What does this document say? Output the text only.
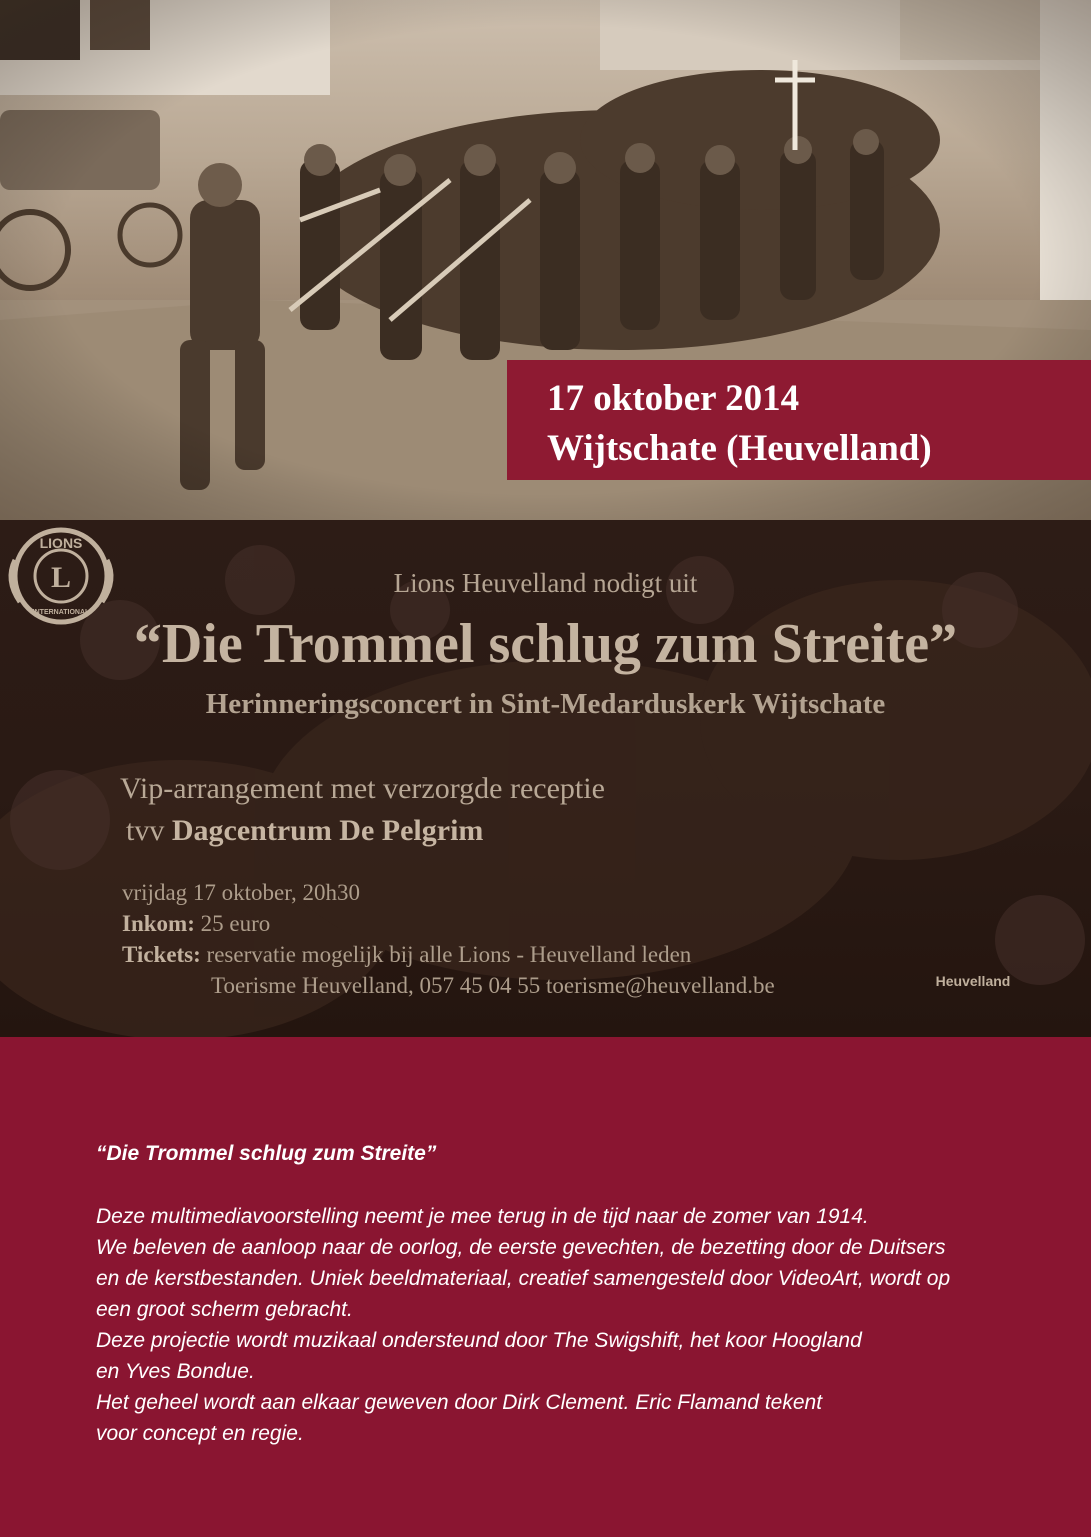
17 oktober 2014
Wijtschate (Heuvelland)
Lions Heuvelland nodigt uit
“Die Trommel schlug zum Streite”
Herinneringsconcert in Sint-Medarduskerk Wijtschate
Vip-arrangement met verzorgde receptie
tvv Dagcentrum De Pelgrim
vrijdag 17 oktober, 20h30
Inkom: 25 euro
Tickets: reservatie mogelijk bij alle Lions - Heuvelland leden
Toerisme Heuvelland, 057 45 04 55 toerisme@heuvelland.be
LIONS
L
INTERNATIONAL
Heuvelland
“Die Trommel schlug zum Streite”
Deze multimediavoorstelling neemt je mee terug in de tijd naar de zomer van 1914.
We beleven de aanloop naar de oorlog, de eerste gevechten, de bezetting door de Duitsers
en de kerstbestanden. Uniek beeldmateriaal, creatief samengesteld door VideoArt, wordt op
een groot scherm gebracht.
Deze projectie wordt muzikaal ondersteund door The Swigshift, het koor Hoogland
en Yves Bondue.
Het geheel wordt aan elkaar geweven door Dirk Clement. Eric Flamand tekent
voor concept en regie.
